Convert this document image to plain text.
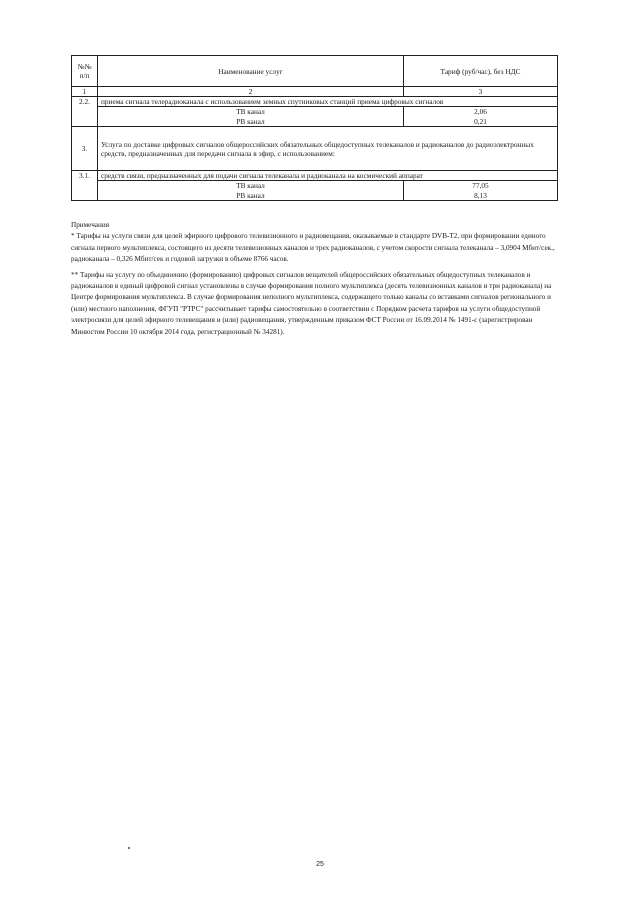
№№ п/п	Наименование услуг	Тариф (руб/час), без НДС
1	2	3
2.2.	приема сигнала телерадиоканала с использованием земных спутниковых станций приема цифровых сигналов	
	ТВ канал	2,06
	РВ канал	0,21
3.	Услуга по доставке цифровых сигналов общероссийских обязательных общедоступных телеканалов и радиоканалов до радиоэлектронных средств, предназначенных для передачи сигнала в эфир, с использованием:	
3.1.	средств связи, предназначенных для подачи сигнала телеканала и радиоканала на космический аппарат	
	ТВ канал	77,05
	РВ канал	8,13

Примечания

* Тарифы на услуги связи для целей эфирного цифрового телевизионного и радиовещания, оказываемые в стандарте DVB-T2, при формировании единого сигнала первого мультиплекса, состоящего из десяти телевизионных каналов и трех радиоканалов, с учетом скорости сигнала телеканала – 3,0904 Мбит/сек., радиоканала – 0,326 Мбит/сек и годовой загрузки в объеме 8766 часов.

** Тарифы на услугу по объединению (формированию) цифровых сигналов вещателей общероссийских обязательных общедоступных телеканалов и радиоканалов в единый цифровой сигнал установлены в случае формирования полного мультиплекса (десять телевизионных каналов и три радиоканала) на Центре формирования мультиплекса. В случае формирования неполного мультиплекса, содержащего только каналы со вставками сигналов регионального и (или) местного наполнения, ФГУП "РТРС" рассчитывает тарифы самостоятельно в соответствии с Порядком расчета тарифов на услуги общедоступной электросвязи для целей эфирного телевещания и (или) радиовещания, утвержденным приказом ФСТ России от 16.09.2014 № 1491-с (зарегистрирован Минюстом России 10 октября 2014 года, регистрационный № 34281).

25
